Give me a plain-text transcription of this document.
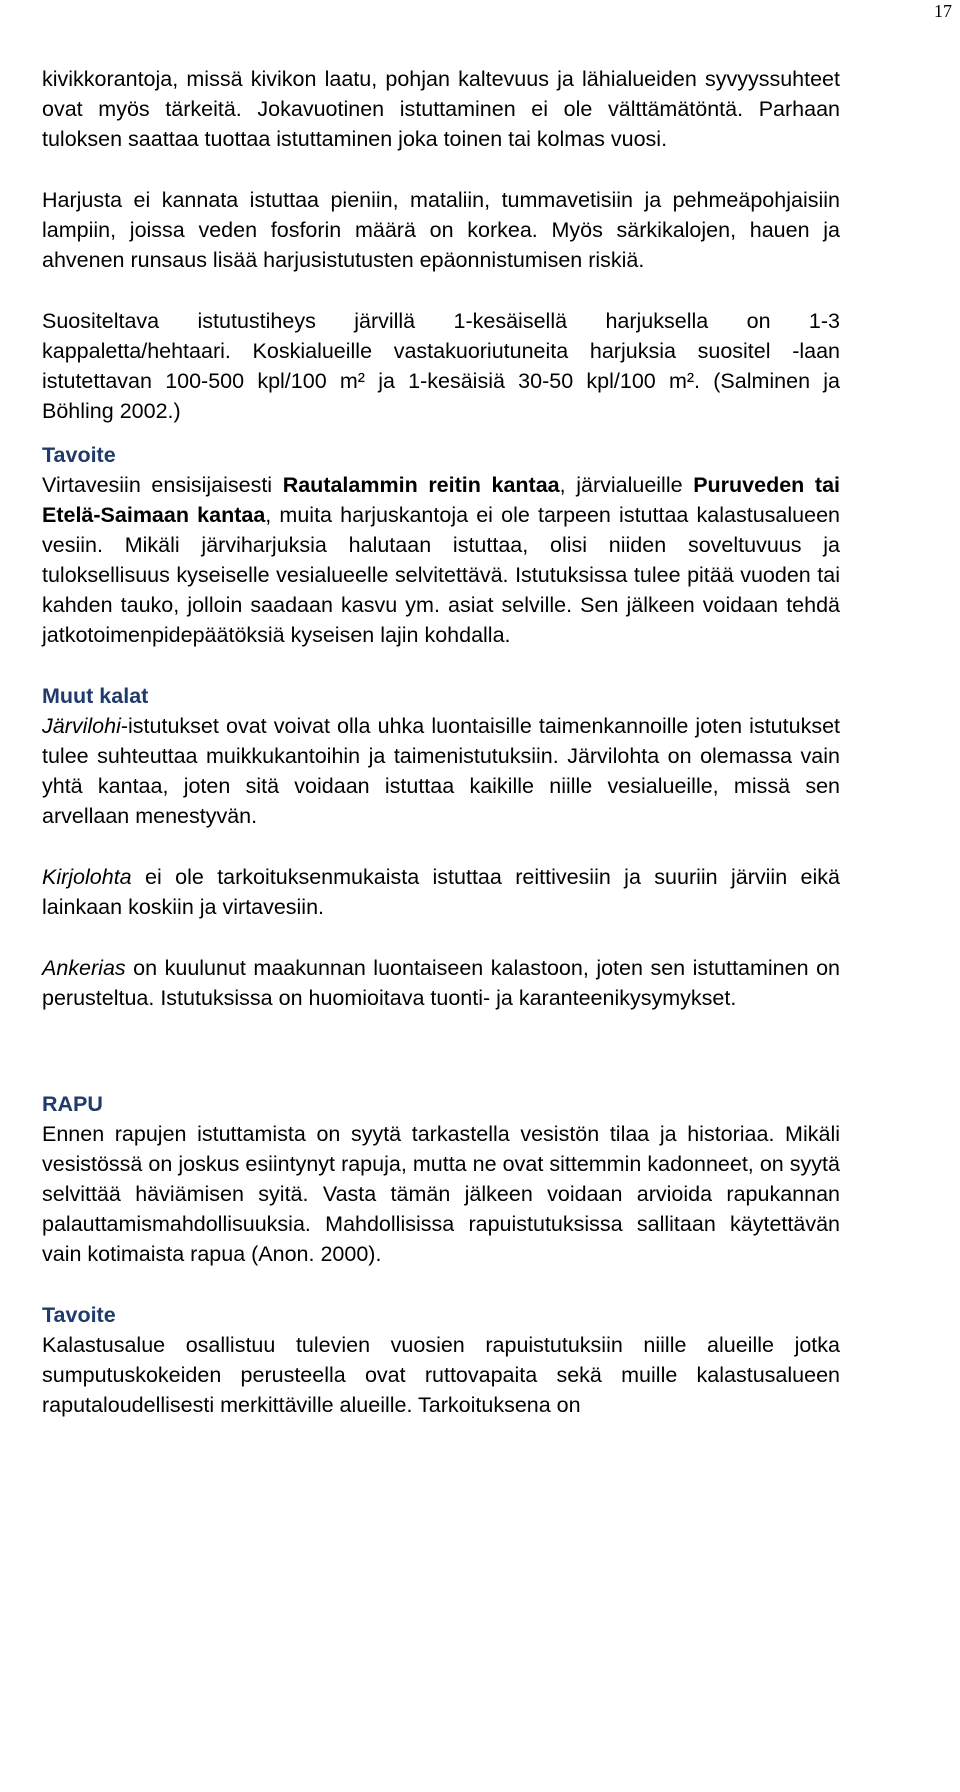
17

kivikkorantoja, missä kivikon laatu, pohjan kaltevuus ja lähialueiden syvyyssuhteet ovat myös tärkeitä. Jokavuotinen istuttaminen ei ole välttämätöntä. Parhaan tuloksen saattaa tuottaa istuttaminen joka toinen tai kolmas vuosi.

Harjusta ei kannata istuttaa pieniin, mataliin, tummavetisiin ja pehmeäpohjaisiin lampiin, joissa veden fosforin määrä on korkea. Myös särkikalojen, hauen ja ahvenen runsaus lisää harjusistutusten epäonnistumisen riskiä.

Suositeltava istutustiheys järvillä 1-kesäisellä harjuksella on 1-3 kappaletta/hehtaari. Koskialueille vastakuoriutuneita harjuksia suositel -laan istutettavan 100-500 kpl/100 m² ja 1-kesäisiä 30-50 kpl/100 m². (Salminen ja Böhling 2002.)

Tavoite

Virtavesiin ensisijaisesti Rautalammin reitin kantaa, järvialueille Puruveden tai Etelä-Saimaan kantaa, muita harjuskantoja ei ole tarpeen istuttaa kalastusalueen vesiin. Mikäli järviharjuksia halutaan istuttaa, olisi niiden soveltuvuus ja tuloksellisuus kyseiselle vesialueelle selvitettävä. Istutuksissa tulee pitää vuoden tai kahden tauko, jolloin saadaan kasvu ym. asiat selville. Sen jälkeen voidaan tehdä jatkotoimenpidepäätöksiä kyseisen lajin kohdalla.

Muut kalat

Järvilohi-istutukset ovat voivat olla uhka luontaisille taimenkannoille joten istutukset tulee suhteuttaa muikkukantoihin ja taimenistutuksiin. Järvilohta on olemassa vain yhtä kantaa, joten sitä voidaan istuttaa kaikille niille vesialueille, missä sen arvellaan menestyvän.

Kirjolohta ei ole tarkoituksenmukaista istuttaa reittivesiin ja suuriin järviin eikä lainkaan koskiin ja virtavesiin.

Ankerias on kuulunut maakunnan luontaiseen kalastoon, joten sen istuttaminen on perusteltua. Istutuksissa on huomioitava tuonti- ja karanteenikysymykset.

RAPU

Ennen rapujen istuttamista on syytä tarkastella vesistön tilaa ja historiaa. Mikäli vesistössä on joskus esiintynyt rapuja, mutta ne ovat sittemmin kadonneet, on syytä selvittää häviämisen syitä. Vasta tämän jälkeen voidaan arvioida rapukannan palauttamismahdollisuuksia. Mahdollisissa rapuistutuksissa sallitaan käytettävän vain kotimaista rapua (Anon. 2000).

Tavoite

Kalastusalue osallistuu tulevien vuosien rapuistutuksiin niille alueille jotka sumputuskokeiden perusteella ovat ruttovapaita sekä muille kalastusalueen raputaloudellisesti merkittäville alueille. Tarkoituksena on
